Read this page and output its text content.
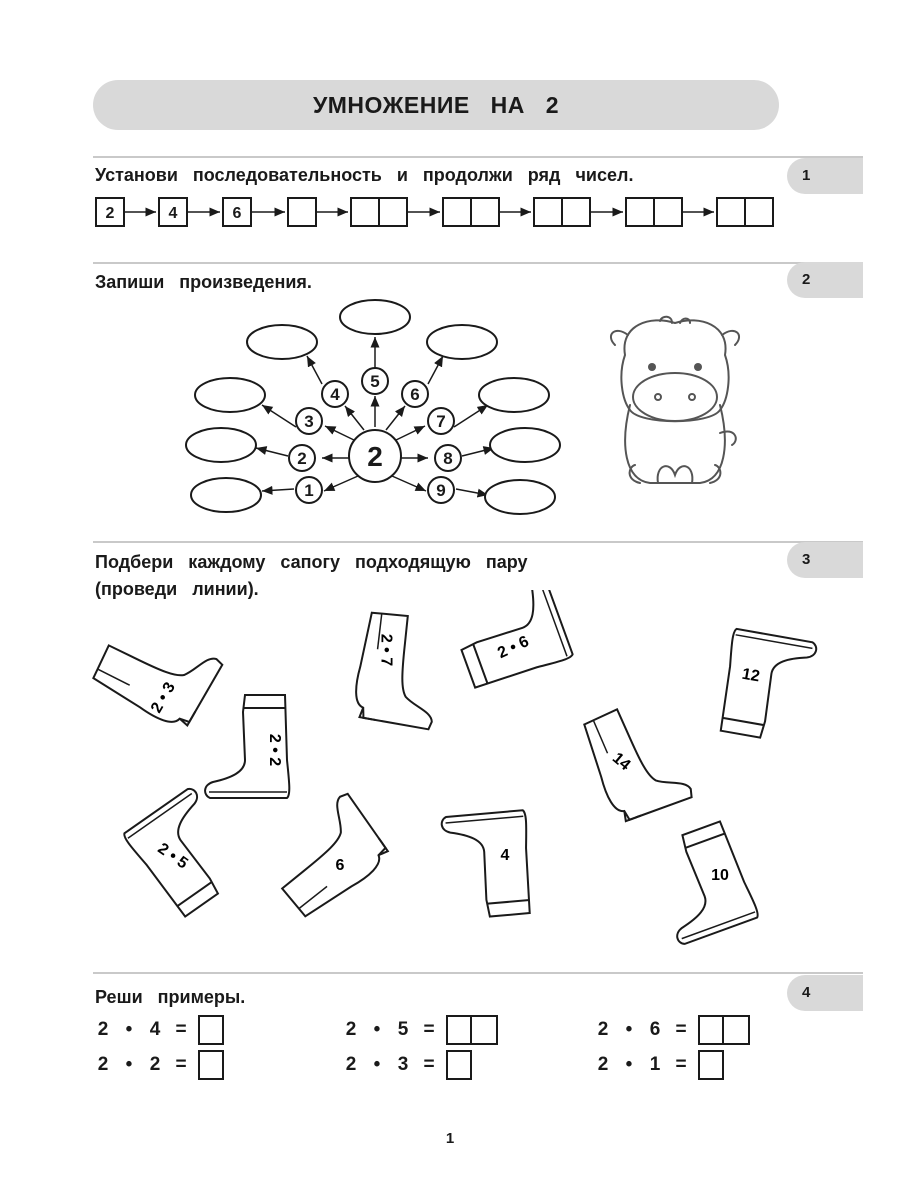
УМНОЖЕНИЕ НА 2
1
Установи последовательность и продолжи ряд чисел.
2	4	6
2
Запиши произведения.
1
2
3
4
5
6
7
8
9
2
3
Подбери каждому сапогу подходящую пару
(проведи линии).
2 • 3
2 • 7	2 • 6
12
2 • 2	14
2 • 5	6
4
10
4
Реши примеры.
2 • 4 =	2 • 5 =	2 • 6 =
2 • 2 =	2 • 3 =	2 • 1 =
1
